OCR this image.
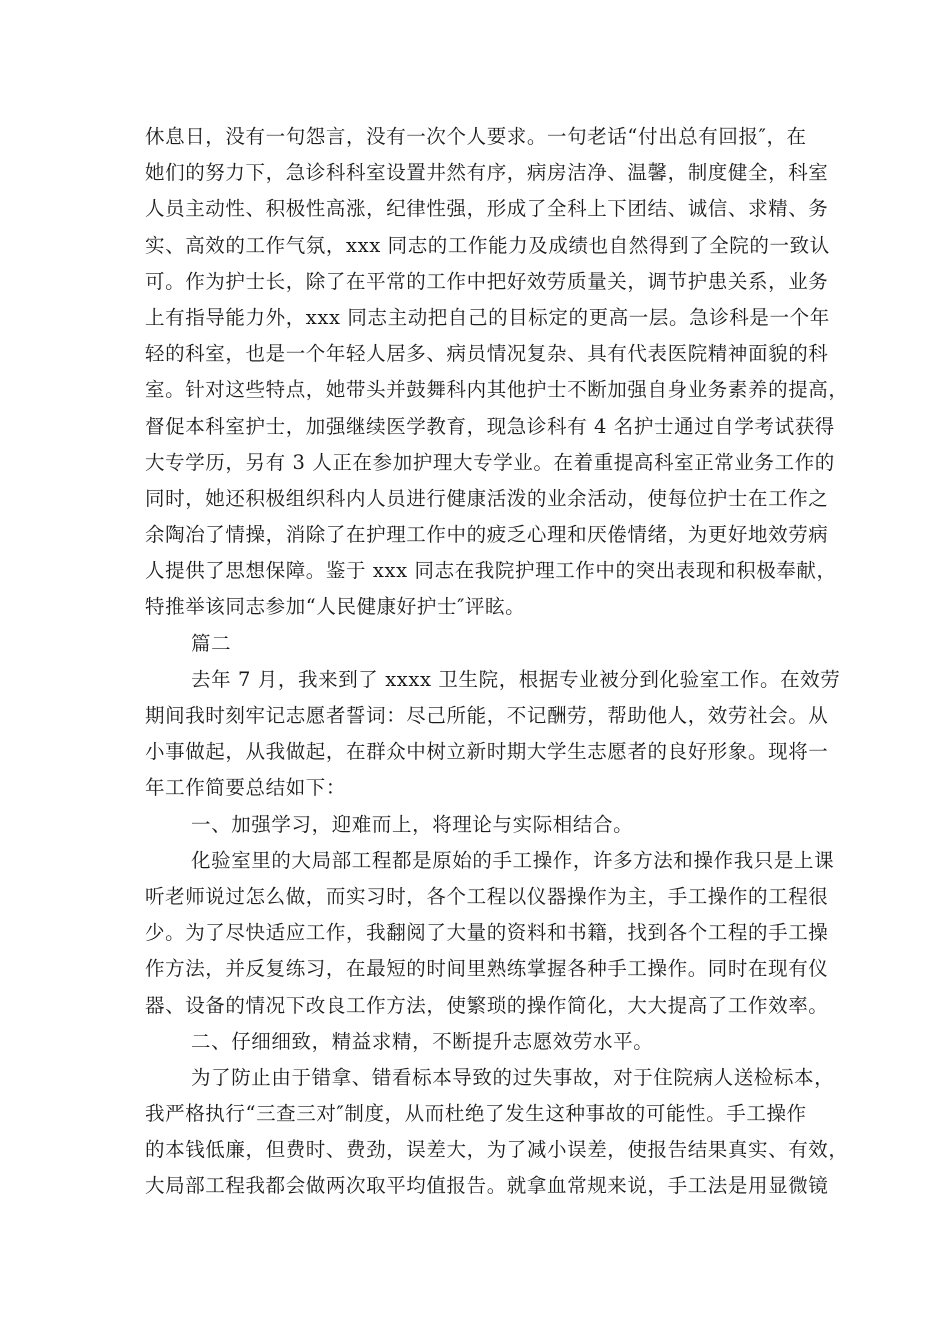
休息日，没有一句怨言，没有一次个人要求。一句老话“付出总有回报″，在
她们的努力下，急诊科科室设置井然有序，病房洁净、温馨，制度健全，科室
人员主动性、积极性高涨，纪律性强，形成了全科上下团结、诚信、求精、务
实、高效的工作气氛，xxx 同志的工作能力及成绩也自然得到了全院的一致认
可。作为护士长，除了在平常的工作中把好效劳质量关，调节护患关系，业务
上有指导能力外，xxx 同志主动把自己的目标定的更高一层。急诊科是一个年
轻的科室，也是一个年轻人居多、病员情况复杂、具有代表医院精神面貌的科
室。针对这些特点，她带头并鼓舞科内其他护士不断加强自身业务素养的提高，
督促本科室护士，加强继续医学教育，现急诊科有 4 名护士通过自学考试获得
大专学历，另有 3 人正在参加护理大专学业。在着重提高科室正常业务工作的
同时，她还积极组织科内人员进行健康活泼的业余活动，使每位护士在工作之
余陶冶了情操，消除了在护理工作中的疲乏心理和厌倦情绪，为更好地效劳病
人提供了思想保障。鉴于 xxx 同志在我院护理工作中的突出表现和积极奉献，
特推举该同志参加“人民健康好护士″评眩。
篇二
去年 7 月，我来到了 xxxx 卫生院，根据专业被分到化验室工作。在效劳
期间我时刻牢记志愿者誓词：尽己所能，不记酬劳，帮助他人，效劳社会。从
小事做起，从我做起，在群众中树立新时期大学生志愿者的良好形象。现将一
年工作简要总结如下：
一、加强学习，迎难而上，将理论与实际相结合。
化验室里的大局部工程都是原始的手工操作，许多方法和操作我只是上课
听老师说过怎么做，而实习时，各个工程以仪器操作为主，手工操作的工程很
少。为了尽快适应工作，我翻阅了大量的资料和书籍，找到各个工程的手工操
作方法，并反复练习，在最短的时间里熟练掌握各种手工操作。同时在现有仪
器、设备的情况下改良工作方法，使繁琐的操作简化，大大提高了工作效率。
二、仔细细致，精益求精，不断提升志愿效劳水平。
为了防止由于错拿、错看标本导致的过失事故，对于住院病人送检标本，
我严格执行“三查三对″制度，从而杜绝了发生这种事故的可能性。手工操作
的本钱低廉，但费时、费劲，误差大，为了减小误差，使报告结果真实、有效，
大局部工程我都会做两次取平均值报告。就拿血常规来说，手工法是用显微镜
